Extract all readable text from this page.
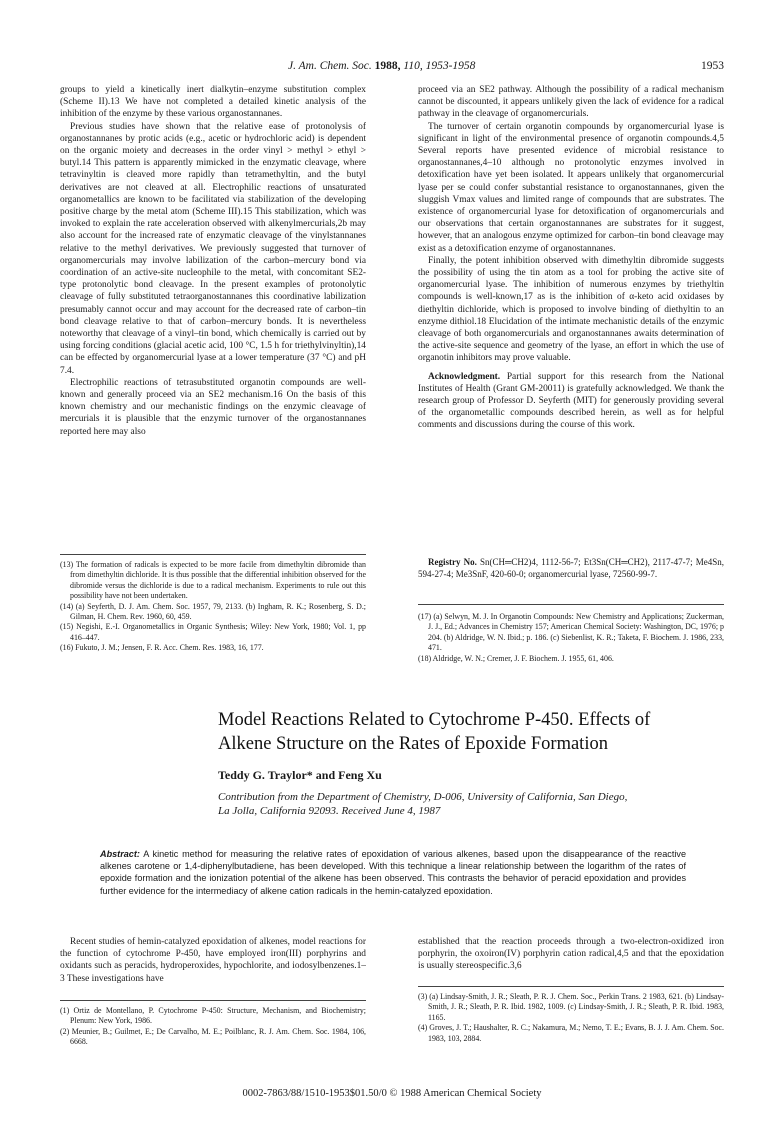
J. Am. Chem. Soc. 1988, 110, 1953-1958	1953

groups to yield a kinetically inert dialkytin–enzyme substitution complex (Scheme II).13 We have not completed a detailed kinetic analysis of the inhibition of the enzyme by these various organostannanes.

Previous studies have shown that the relative ease of protonolysis of organostannanes by protic acids (e.g., acetic or hydrochloric acid) is dependent on the organic moiety and decreases in the order vinyl > methyl > ethyl > butyl.14 This pattern is apparently mimicked in the enzymatic cleavage, where tetravinyltin is cleaved more rapidly than tetramethyltin, and the butyl derivatives are not cleaved at all. Electrophilic reactions of unsaturated organometallics are known to be facilitated via stabilization of the developing positive charge by the metal atom (Scheme III).15 This stabilization, which was invoked to explain the rate acceleration observed with alkenylmercurials,2b may also account for the increased rate of enzymatic cleavage of the vinylstannanes relative to the methyl derivatives. We previously suggested that turnover of organomercurials may involve labilization of the carbon–mercury bond via coordination of an active-site nucleophile to the metal, with concomitant SE2-type protonolytic bond cleavage. In the present examples of protonolytic cleavage of fully substituted tetraorganostannanes this coordinative labilization presumably cannot occur and may account for the decreased rate of carbon–tin bond cleavage relative to that of carbon–mercury bonds. It is nevertheless noteworthy that cleavage of a vinyl–tin bond, which chemically is carried out by using forcing conditions (glacial acetic acid, 100 °C, 1.5 h for triethylvinyltin),14 can be effected by organomercurial lyase at a lower temperature (37 °C) and pH 7.4.

Electrophilic reactions of tetrasubstituted organotin compounds are well-known and generally proceed via an SE2 mechanism.16 On the basis of this known chemistry and our mechanistic findings on the enzymic cleavage of mercurials it is plausible that the enzymic turnover of the organostannanes reported here may also

proceed via an SE2 pathway. Although the possibility of a radical mechanism cannot be discounted, it appears unlikely given the lack of evidence for a radical pathway in the cleavage of organomercurials.

The turnover of certain organotin compounds by organomercurial lyase is significant in light of the environmental presence of organotin compounds.4,5 Several reports have presented evidence of microbial resistance to organostannanes,4–10 although no protonolytic enzymes involved in detoxification have yet been isolated. It appears unlikely that organomercurial lyase per se could confer substantial resistance to organostannanes, given the sluggish Vmax values and limited range of compounds that are substrates. The existence of organomercurial lyase for detoxification of organomercurials and our observations that certain organostannanes are substrates for it suggest, however, that an analogous enzyme optimized for carbon–tin bond cleavage may exist as a detoxification enzyme of organostannanes.

Finally, the potent inhibition observed with dimethyltin dibromide suggests the possibility of using the tin atom as a tool for probing the active site of organomercurial lyase. The inhibition of numerous enzymes by triethyltin compounds is well-known,17 as is the inhibition of α-keto acid oxidases by diethyltin dichloride, which is proposed to involve binding of diethyltin to an enzyme dithiol.18 Elucidation of the intimate mechanistic details of the enzymic cleavage of both organomercurials and organostannanes awaits determination of the active-site sequence and geometry of the lyase, an effort in which the use of organotin inhibitors may prove valuable.

Acknowledgment. Partial support for this research from the National Institutes of Health (Grant GM-20011) is gratefully acknowledged. We thank the research group of Professor D. Seyferth (MIT) for generously providing several of the organometallic compounds described herein, as well as for helpful comments and discussions during the course of this work.

Registry No. Sn(CH═CH2)4, 1112-56-7; Et3Sn(CH═CH2), 2117-47-7; Me4Sn, 594-27-4; Me3SnF, 420-60-0; organomercurial lyase, 72560-99-7.

(13) The formation of radicals is expected to be more facile from dimethyltin dibromide than from dimethyltin dichloride. It is thus possible that the differential inhibition observed for the dibromide versus the dichloride is due to a radical mechanism. Experiments to rule out this possibility have not been undertaken.

(14) (a) Seyferth, D. J. Am. Chem. Soc. 1957, 79, 2133. (b) Ingham, R. K.; Rosenberg, S. D.; Gilman, H. Chem. Rev. 1960, 60, 459.

(15) Negishi, E.-I. Organometallics in Organic Synthesis; Wiley: New York, 1980; Vol. 1, pp 416–447.

(16) Fukuto, J. M.; Jensen, F. R. Acc. Chem. Res. 1983, 16, 177.

(17) (a) Selwyn, M. J. In Organotin Compounds: New Chemistry and Applications; Zuckerman, J. J., Ed.; Advances in Chemistry 157; American Chemical Society: Washington, DC, 1976; p 204. (b) Aldridge, W. N. Ibid.; p. 186. (c) Siebenlist, K. R.; Taketa, F. Biochem. J. 1986, 233, 471.

(18) Aldridge, W. N.; Cremer, J. F. Biochem. J. 1955, 61, 406.

Model Reactions Related to Cytochrome P-450. Effects of
Alkene Structure on the Rates of Epoxide Formation
Teddy G. Traylor* and Feng Xu
Contribution from the Department of Chemistry, D-006, University of California, San Diego,
La Jolla, California 92093. Received June 4, 1987
Abstract: A kinetic method for measuring the relative rates of epoxidation of various alkenes, based upon the disappearance of the reactive alkenes carotene or 1,4-diphenylbutadiene, has been developed. With this technique a linear relationship between the logarithm of the rates of epoxide formation and the ionization potential of the alkene has been observed. This contrasts the behavior of peracid epoxidation and provides further evidence for the intermediacy of alkene cation radicals in the hemin-catalyzed epoxidation.

Recent studies of hemin-catalyzed epoxidation of alkenes, model reactions for the function of cytochrome P-450, have employed iron(III) porphyrins and oxidants such as peracids, hydroperoxides, hypochlorite, and iodosylbenzenes.1–3 These investigations have

established that the reaction proceeds through a two-electron-oxidized iron porphyrin, the oxoiron(IV) porphyrin cation radical,4,5 and that the epoxidation is usually stereospecific.3,6

(1) Ortiz de Montellano, P. Cytochrome P-450: Structure, Mechanism, and Biochemistry; Plenum: New York, 1986.

(2) Meunier, B.; Guilmet, E.; De Carvalho, M. E.; Poilblanc, R. J. Am. Chem. Soc. 1984, 106, 6668.

(3) (a) Lindsay-Smith, J. R.; Sleath, P. R. J. Chem. Soc., Perkin Trans. 2 1983, 621. (b) Lindsay-Smith, J. R.; Sleath, P. R. Ibid. 1982, 1009. (c) Lindsay-Smith, J. R.; Sleath, P. R. Ibid. 1983, 1165.

(4) Groves, J. T.; Haushalter, R. C.; Nakamura, M.; Nemo, T. E.; Evans, B. J. J. Am. Chem. Soc. 1983, 103, 2884.

0002-7863/88/1510-1953$01.50/0 © 1988 American Chemical Society
